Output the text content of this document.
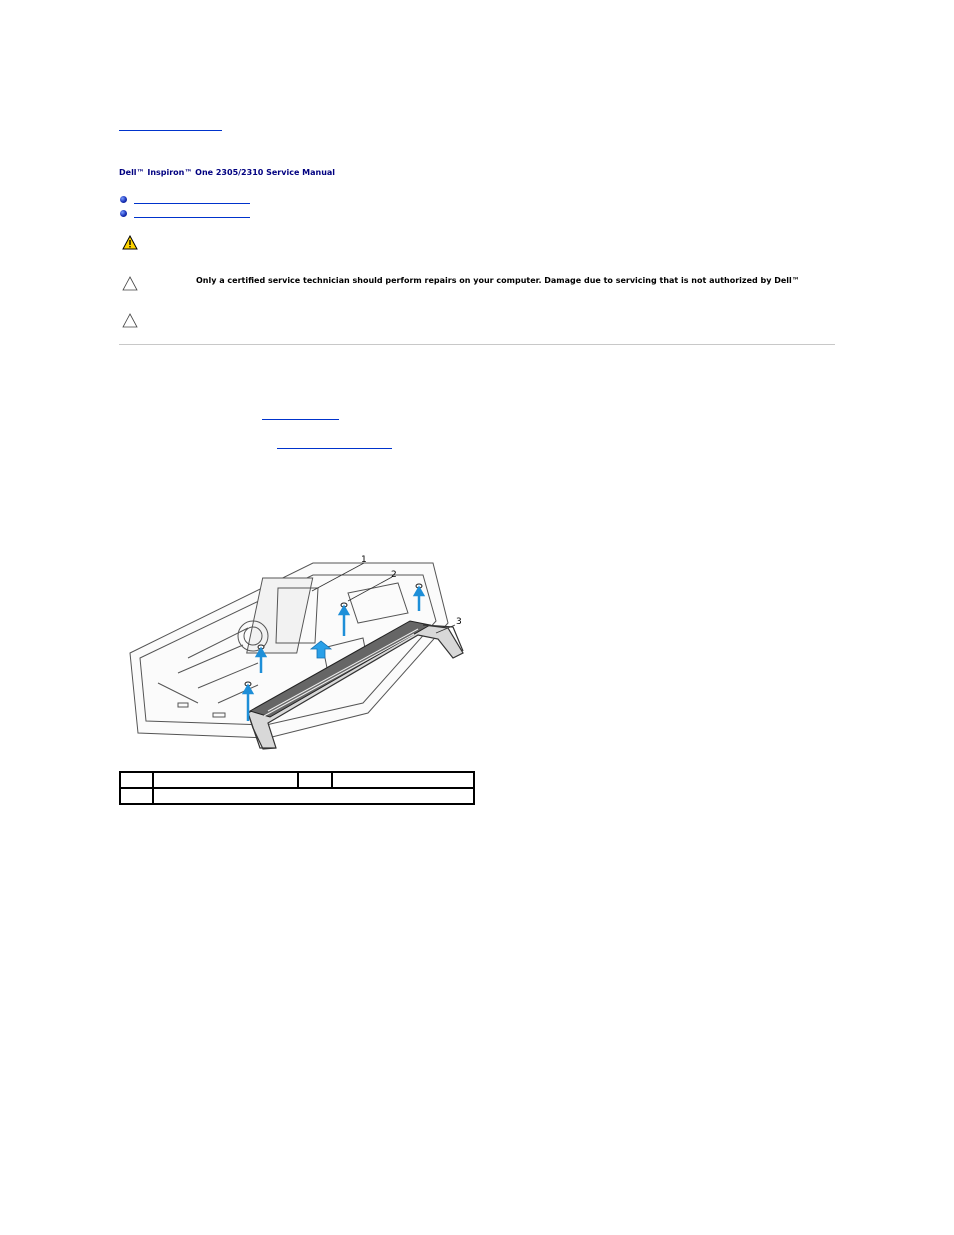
Dell™ Inspiron™ One 2305/2310 Service Manual
Only a certified service technician should perform repairs on your computer. Damage due to servicing that is not authorized by Dell™
1
2
3
